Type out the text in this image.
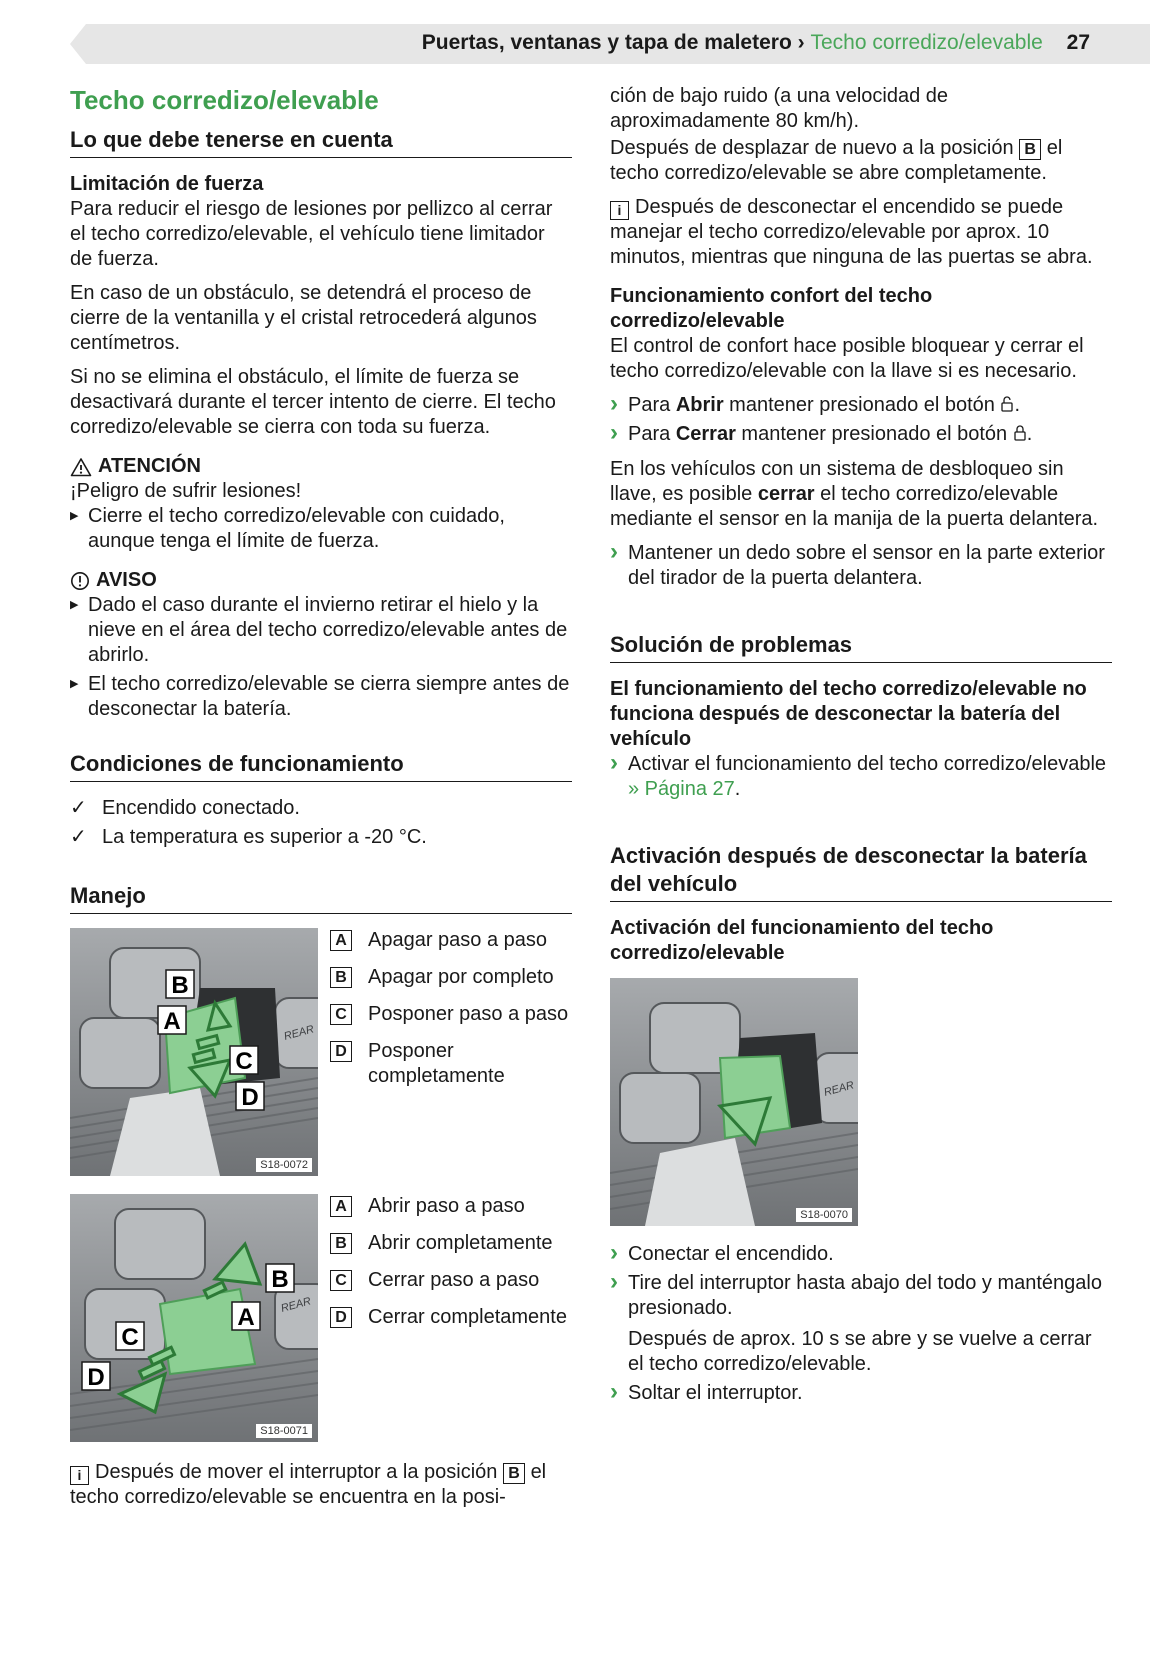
Puertas, ventanas y tapa de maletero › Techo corredizo/elevable 27
Techo corredizo/elevable
Lo que debe tenerse en cuenta
Limitación de fuerza

Para reducir el riesgo de lesiones por pellizco al cerrar el techo corredizo/elevable, el vehículo tiene limitador de fuerza.

En caso de un obstáculo, se detendrá el proceso de cierre de la ventanilla y el cristal retrocederá algunos centímetros.

Si no se elimina el obstáculo, el límite de fuerza se desactivará durante el tercer intento de cierre. El techo corredizo/elevable se cierra con toda su fuerza.

ATENCIÓN
¡Peligro de sufrir lesiones!
▶ Cierre el techo corredizo/elevable con cuidado, aunque tenga el límite de fuerza.
AVISO
▶ Dado el caso durante el invierno retirar el hielo y la nieve en el área del techo corredizo/elevable antes de abrirlo.
▶ El techo corredizo/elevable se cierra siempre antes de desconectar la batería.
Condiciones de funcionamiento
✓ Encendido conectado.
✓ La temperatura es superior a -20 °C.
Manejo
REAR
B
A
C
D
S18-0072
A Apagar paso a paso
B Apagar por completo
C Posponer paso a paso
D Posponer completamente
REAR
B
A
C
D
S18-0071
A Abrir paso a paso
B Abrir completamente
C Cerrar paso a paso
D Cerrar completamente

i Después de mover el interruptor a la posición B el techo corredizo/elevable se encuentra en la posi-

ción de bajo ruido (a una velocidad de aproximadamente 80 km/h).

Después de desplazar de nuevo a la posición B el techo corredizo/elevable se abre completamente.

i Después de desconectar el encendido se puede manejar el techo corredizo/elevable por aprox. 10 minutos, mientras que ninguna de las puertas se abra.

Funcionamiento confort del techo corredizo/elevable

El control de confort hace posible bloquear y cerrar el techo corredizo/elevable con la llave si es necesario.

› Para Abrir mantener presionado el botón .
› Para Cerrar mantener presionado el botón .

En los vehículos con un sistema de desbloqueo sin llave, es posible cerrar el techo corredizo/elevable mediante el sensor en la manija de la puerta delantera.

› Mantener un dedo sobre el sensor en la parte exterior del tirador de la puerta delantera.
Solución de problemas
El funcionamiento del techo corredizo/elevable no funciona después de desconectar la batería del vehículo
› Activar el funcionamiento del techo corredizo/elevable » Página 27.
Activación después de desconectar la batería del vehículo
Activación del funcionamiento del techo corredizo/elevable
REAR
S18-0070
› Conectar el encendido.
› Tire del interruptor hasta abajo del todo y manténgalo presionado.

Después de aprox. 10 s se abre y se vuelve a cerrar el techo corredizo/elevable.

› Soltar el interruptor.
